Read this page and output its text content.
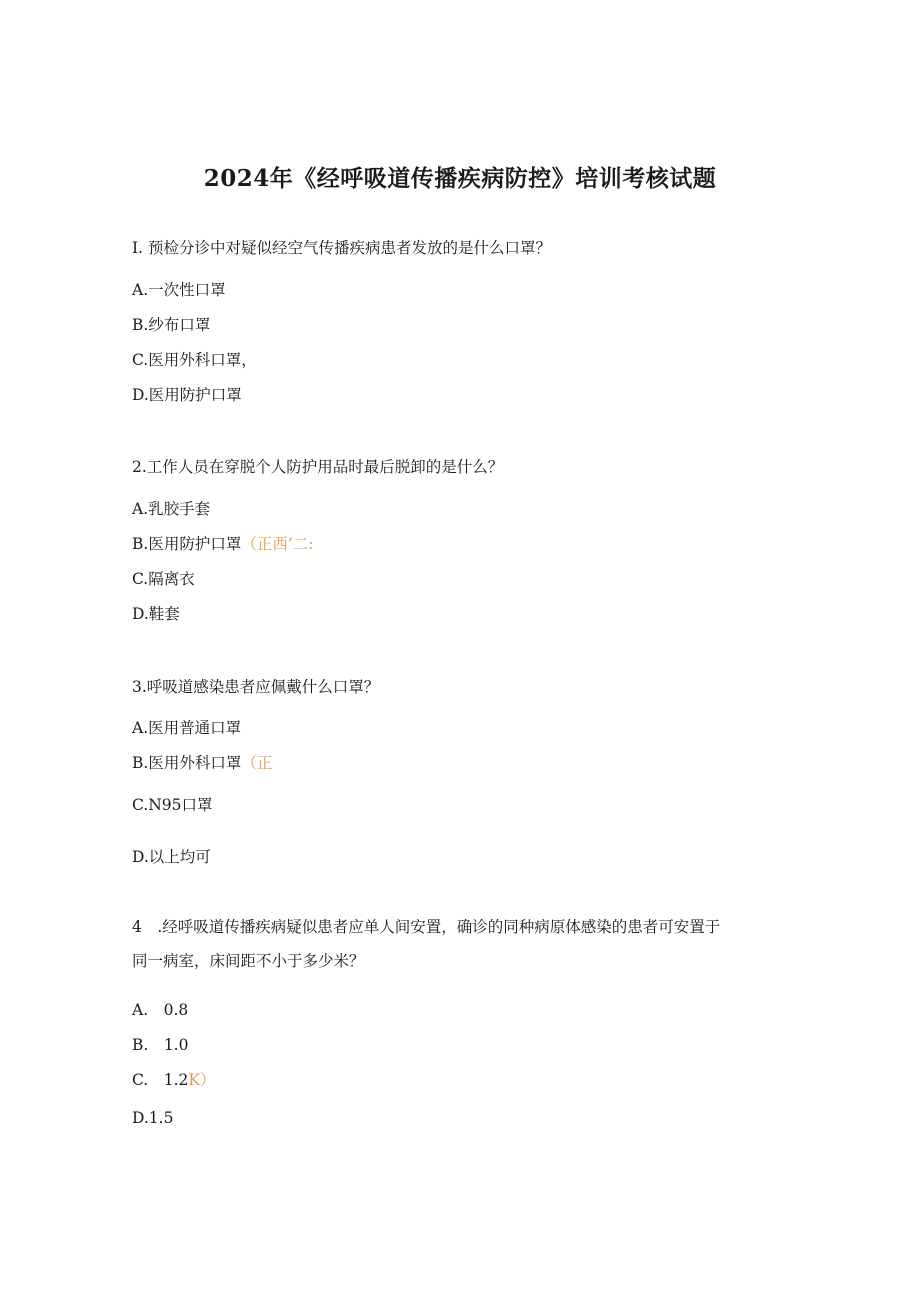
2024年《经呼吸道传播疾病防控》培训考核试题
I. 预检分诊中对疑似经空气传播疾病患者发放的是什么口罩？
A.一次性口罩
B.纱布口罩
C.医用外科口罩，
D.医用防护口罩
2.工作人员在穿脱个人防护用品时最后脱卸的是什么？
A.乳胶手套
B.医用防护口罩（正西’二:
C.隔离衣
D.鞋套
3.呼吸道感染患者应佩戴什么口罩？
A.医用普通口罩
B.医用外科口罩（正
C.N95口罩
D.以上均可
4　.经呼吸道传播疾病疑似患者应单人间安置，确诊的同种病原体感染的患者可安置于
同一病室，床间距不小于多少米？
A.　0.8
B.　1.0
C.　1.2K）
D.1.5
